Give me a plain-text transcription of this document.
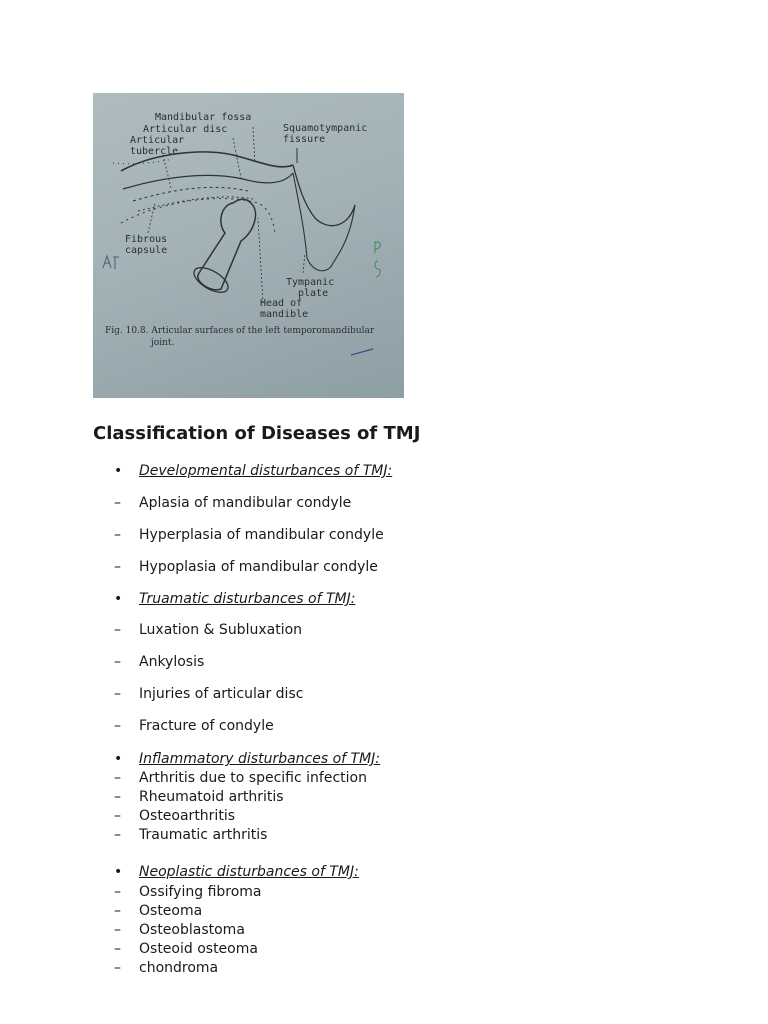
Mandibular fossa
Articular disc
Articular
tubercle
Squamotympanic
fissure
Fibrous
capsule
Tympanic
plate
Head of
mandible
Fig. 10.8. Articular surfaces of the left temporomandibular
joint.
Classification of Diseases of TMJ
• Developmental disturbances of TMJ:
– Aplasia of mandibular condyle
– Hyperplasia of mandibular condyle
– Hypoplasia of mandibular condyle
• Truamatic disturbances of TMJ:
– Luxation & Subluxation
– Ankylosis
– Injuries of articular disc
– Fracture of condyle
• Inflammatory disturbances of TMJ:
– Arthritis due to specific infection
– Rheumatoid arthritis
– Osteoarthritis
– Traumatic arthritis
• Neoplastic disturbances of TMJ:
– Ossifying fibroma
– Osteoma
– Osteoblastoma
– Osteoid osteoma
– chondroma
